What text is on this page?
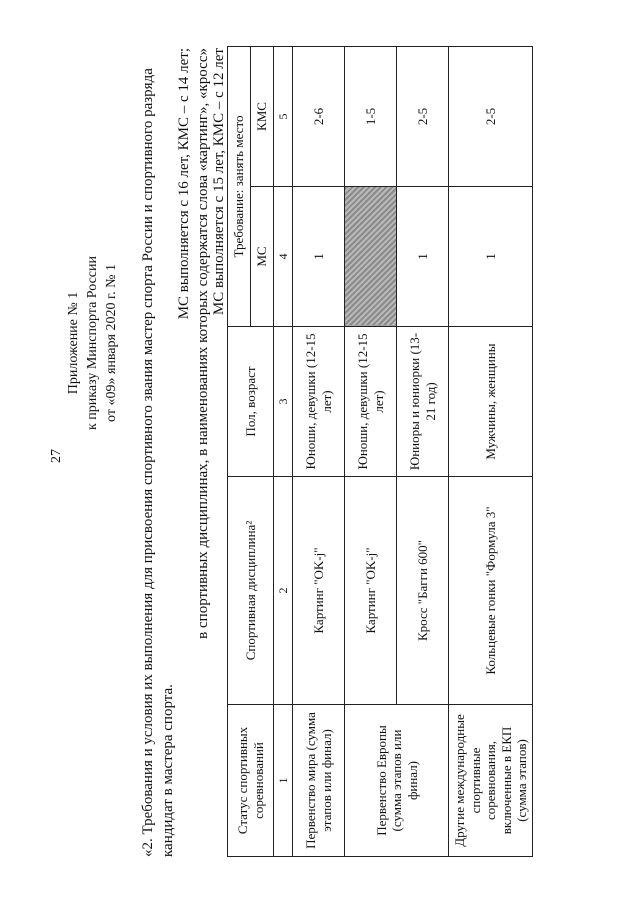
27
Приложение № 1 к приказу Минспорта России от «09» января 2020 г. № 1 «2. Требования и условия их выполнения для присвоения спортивного звания мастер спорта России и спортивного разряда кандидат в мастера спорта.
МС выполняется с 16 лет, КМС – с 14 лет; в спортивных дисциплинах, в наименованиях которых содержатся слова «картинг», «кросс» МС выполняется с 15 лет, КМС – с 12 лет
Статус спортивных соревнований	Спортивная дисциплина²	Пол, возраст	Требование: занять место	
			МС	КМС
1	2	3	4	5
Первенство мира (сумма этапов или финал)	Картинг "OK-j"	Юноши, девушки (12-15 лет)	1	2-6
Первенство Европы (сумма этапов или финал)	Картинг "OK-j"	Юноши, девушки (12-15 лет)		1-5
	Кросс "Багги 600"	Юниоры и юниорки (13-21 год)	1	2-5
Другие международные спортивные соревнования, включенные в ЕКП (сумма этапов)	Кольцевые гонки "Формула 3"	Мужчины, женщины	1	2-5
